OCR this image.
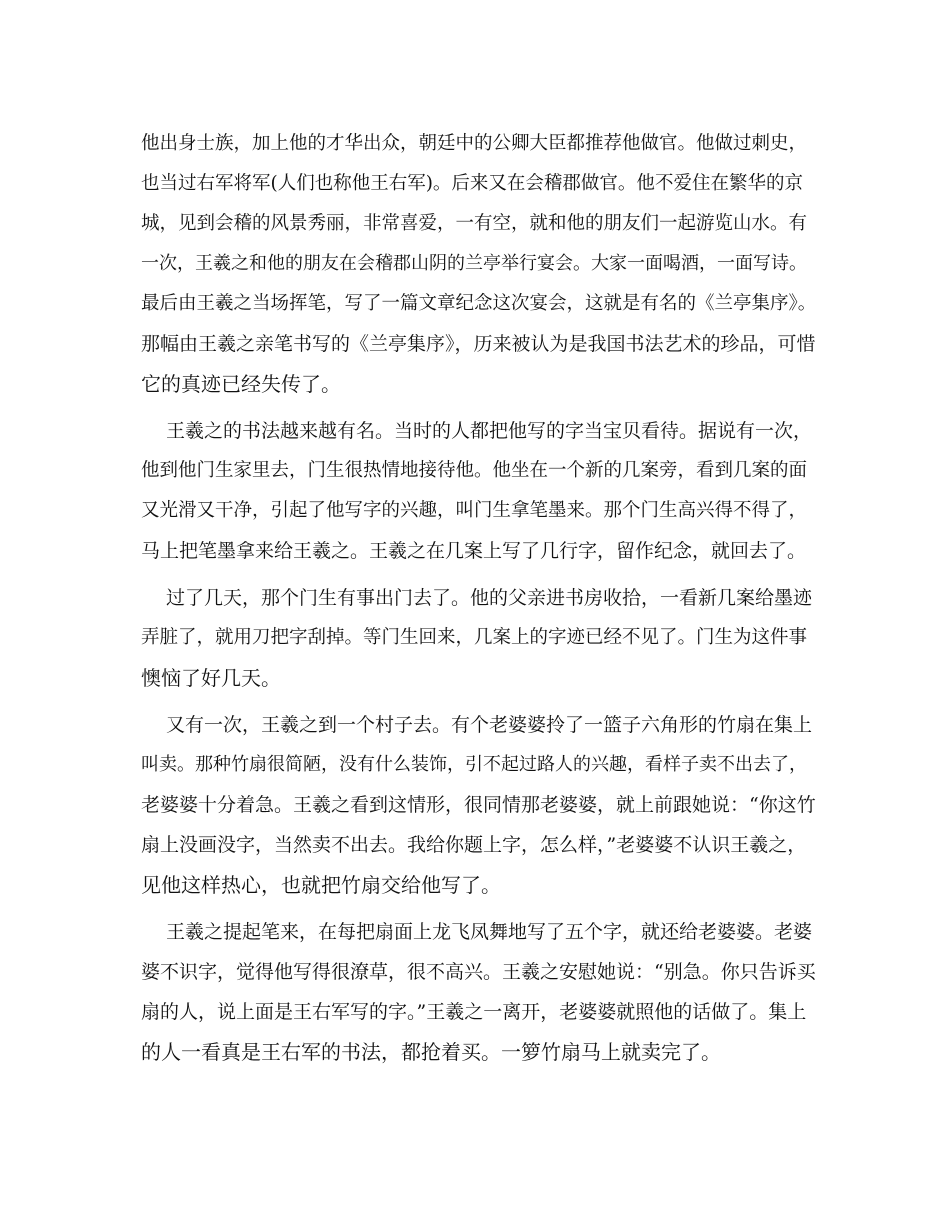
他出身士族，加上他的才华出众，朝廷中的公卿大臣都推荐他做官。他做过刺史，
也当过右军将军(人们也称他王右军)。后来又在会稽郡做官。他不爱住在繁华的京
城，见到会稽的风景秀丽，非常喜爱，一有空，就和他的朋友们一起游览山水。有
一次，王羲之和他的朋友在会稽郡山阴的兰亭举行宴会。大家一面喝酒，一面写诗。
最后由王羲之当场挥笔，写了一篇文章纪念这次宴会，这就是有名的《兰亭集序》。
那幅由王羲之亲笔书写的《兰亭集序》，历来被认为是我国书法艺术的珍品，可惜
它的真迹已经失传了。
王羲之的书法越来越有名。当时的人都把他写的字当宝贝看待。据说有一次，
他到他门生家里去，门生很热情地接待他。他坐在一个新的几案旁，看到几案的面
又光滑又干净，引起了他写字的兴趣，叫门生拿笔墨来。那个门生高兴得不得了，
马上把笔墨拿来给王羲之。王羲之在几案上写了几行字，留作纪念，就回去了。
过了几天，那个门生有事出门去了。他的父亲进书房收拾，一看新几案给墨迹
弄脏了，就用刀把字刮掉。等门生回来，几案上的字迹已经不见了。门生为这件事
懊恼了好几天。
又有一次，王羲之到一个村子去。有个老婆婆拎了一篮子六角形的竹扇在集上
叫卖。那种竹扇很简陋，没有什么装饰，引不起过路人的兴趣，看样子卖不出去了，
老婆婆十分着急。王羲之看到这情形，很同情那老婆婆，就上前跟她说：“你这竹
扇上没画没字，当然卖不出去。我给你题上字，怎么样，”老婆婆不认识王羲之，
见他这样热心，也就把竹扇交给他写了。
王羲之提起笔来，在每把扇面上龙飞凤舞地写了五个字，就还给老婆婆。老婆
婆不识字，觉得他写得很潦草，很不高兴。王羲之安慰她说：“别急。你只告诉买
扇的人，说上面是王右军写的字。”王羲之一离开，老婆婆就照他的话做了。集上
的人一看真是王右军的书法，都抢着买。一箩竹扇马上就卖完了。
